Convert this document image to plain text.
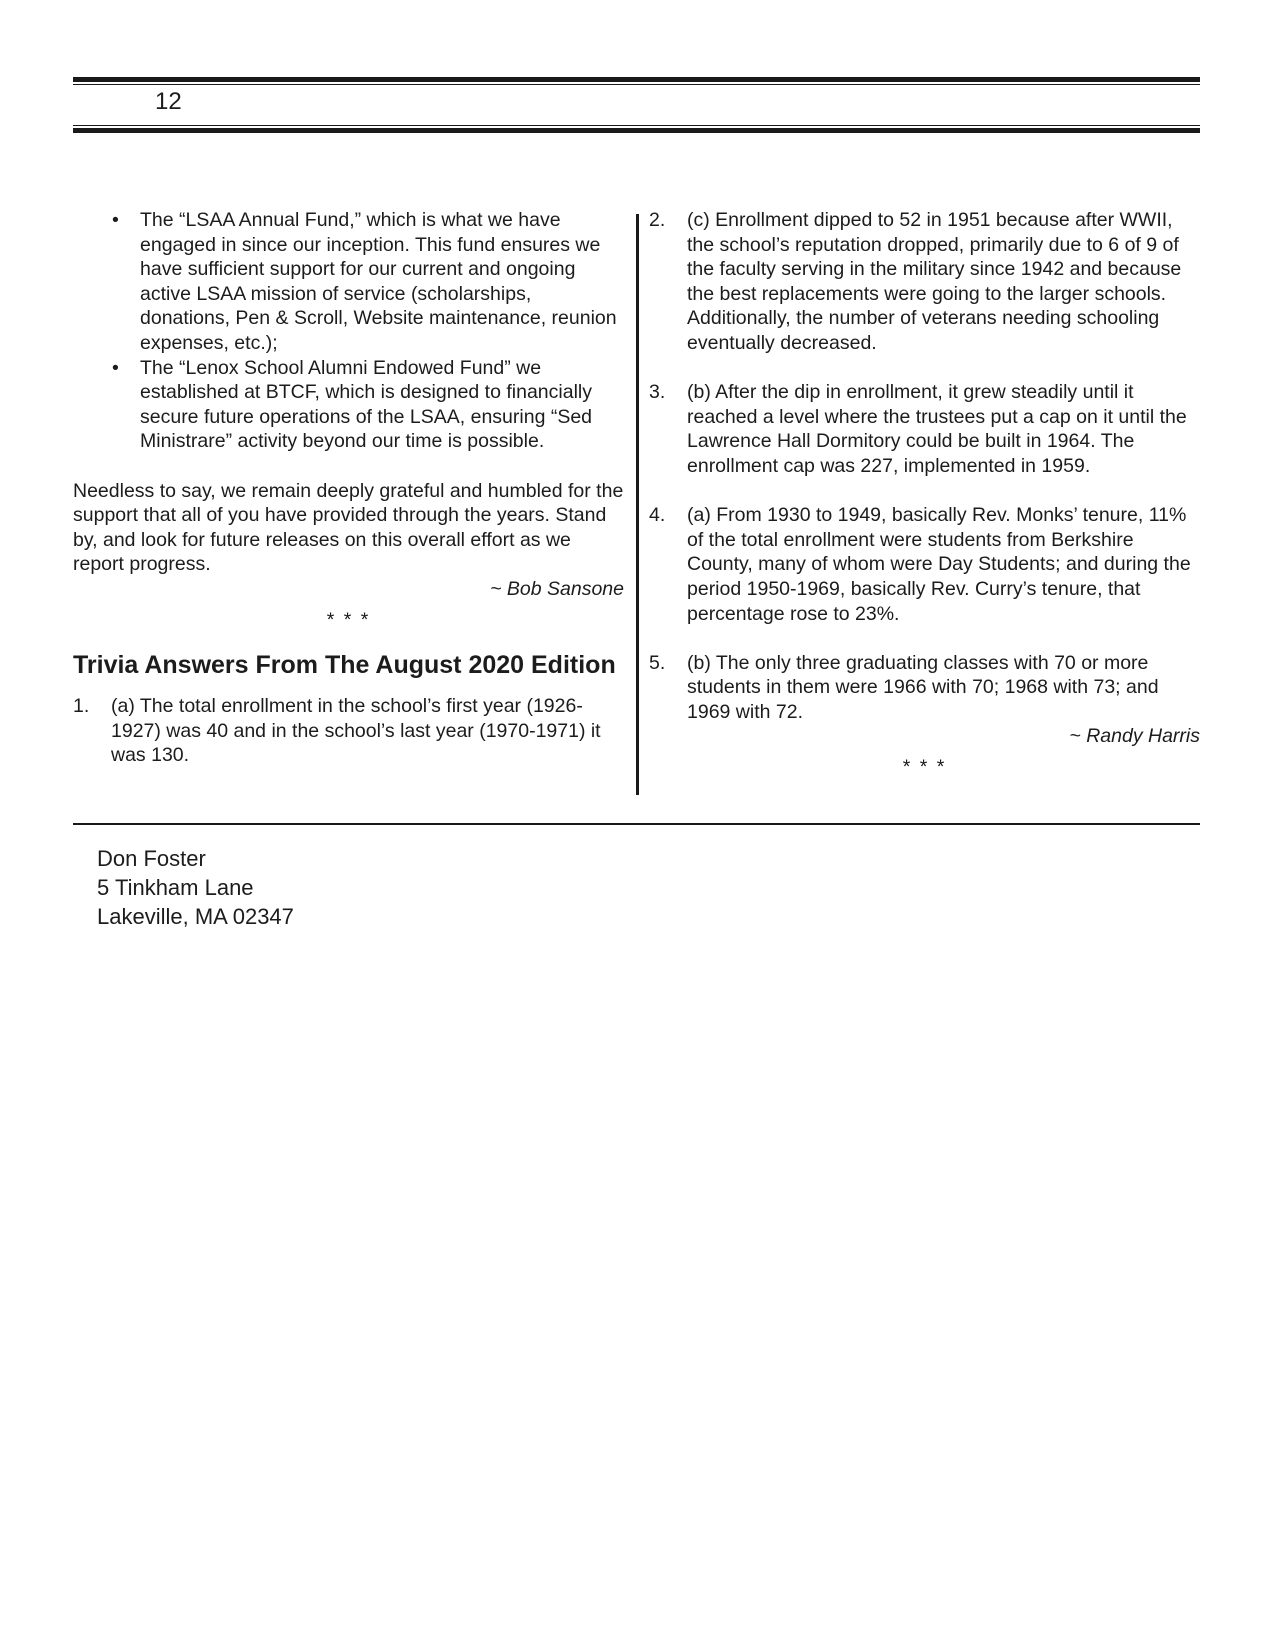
12
• The “LSAA Annual Fund,” which is what we have engaged in since our inception. This fund ensures we have sufficient support for our current and ongoing active LSAA mission of service (scholarships, donations, Pen & Scroll, Website maintenance, reunion expenses, etc.);
• The “Lenox School Alumni Endowed Fund” we established at BTCF, which is designed to financially secure future operations of the LSAA, ensuring “Sed Ministrare” activity beyond our time is possible.

Needless to say, we remain deeply grateful and humbled for the support that all of you have provided through the years. Stand by, and look for future releases on this overall effort as we report progress.

~ Bob Sansone

* * *

Trivia Answers From The August 2020 Edition
1. (a) The total enrollment in the school’s first year (1926-1927) was 40 and in the school’s last year (1970-1971) it was 130.
2. (c) Enrollment dipped to 52 in 1951 because after WWII, the school’s reputation dropped, primarily due to 6 of 9 of the faculty serving in the military since 1942 and because the best replacements were going to the larger schools. Additionally, the number of veterans needing schooling eventually decreased.
3. (b) After the dip in enrollment, it grew steadily until it reached a level where the trustees put a cap on it until the Lawrence Hall Dormitory could be built in 1964. The enrollment cap was 227, implemented in 1959.
4. (a) From 1930 to 1949, basically Rev. Monks’ tenure, 11% of the total enrollment were students from Berkshire County, many of whom were Day Students; and during the period 1950-1969, basically Rev. Curry’s tenure, that percentage rose to 23%.
5. (b) The only three graduating classes with 70 or more students in them were 1966 with 70; 1968 with 73; and 1969 with 72.

~ Randy Harris

* * *

Don Foster
5 Tinkham Lane
Lakeville, MA 02347
